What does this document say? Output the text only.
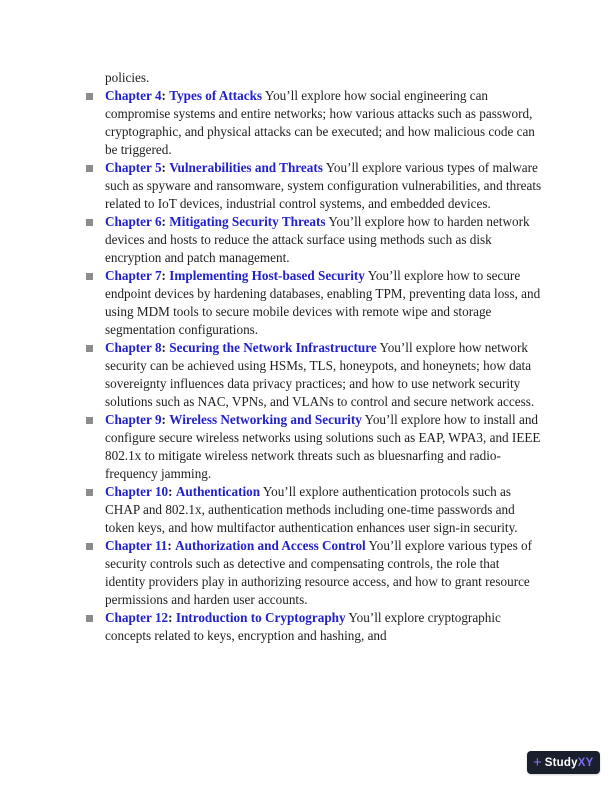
policies.

Chapter 4: Types of Attacks You’ll explore how social engineering can compromise systems and entire networks; how various attacks such as password, cryptographic, and physical attacks can be executed; and how malicious code can be triggered.
Chapter 5: Vulnerabilities and Threats You’ll explore various types of malware such as spyware and ransomware, system configuration vulnerabilities, and threats related to IoT devices, industrial control systems, and embedded devices.
Chapter 6: Mitigating Security Threats You’ll explore how to harden network devices and hosts to reduce the attack surface using methods such as disk encryption and patch management.
Chapter 7: Implementing Host-based Security You’ll explore how to secure endpoint devices by hardening databases, enabling TPM, preventing data loss, and using MDM tools to secure mobile devices with remote wipe and storage segmentation configurations.
Chapter 8: Securing the Network Infrastructure You’ll explore how network security can be achieved using HSMs, TLS, honeypots, and honeynets; how data sovereignty influences data privacy practices; and how to use network security solutions such as NAC, VPNs, and VLANs to control and secure network access.
Chapter 9: Wireless Networking and Security You’ll explore how to install and configure secure wireless networks using solutions such as EAP, WPA3, and IEEE 802.1x to mitigate wireless network threats such as bluesnarfing and radio- frequency jamming.
Chapter 10: Authentication You’ll explore authentication protocols such as CHAP and 802.1x, authentication methods including one-time passwords and token keys, and how multifactor authentication enhances user sign-in security.
Chapter 11: Authorization and Access Control You’ll explore various types of security controls such as detective and compensating controls, the role that identity providers play in authorizing resource access, and how to grant resource permissions and harden user accounts.
Chapter 12: Introduction to Cryptography You’ll explore cryptographic concepts related to keys, encryption and hashing, and
+ Study XY
